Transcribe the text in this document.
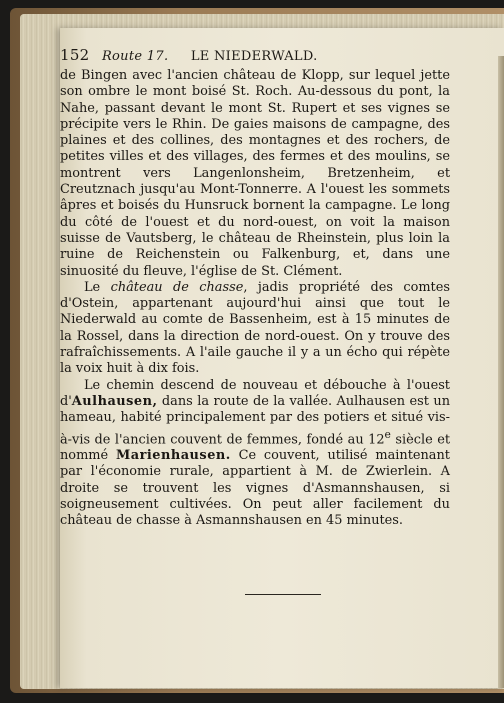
152 Route 17. LE NIEDERWALD.

de Bingen avec l'ancien château de Klopp, sur lequel jette son ombre le mont boisé St. Roch. Au-dessous du pont, la Nahe, passant devant le mont St. Rupert et ses vignes se précipite vers le Rhin. De gaies maisons de campagne, des plaines et des collines, des montagnes et des rochers, de petites villes et des villages, des fermes et des moulins, se montrent vers Langenlonsheim, Bretzenheim, et Creutznach jusqu'au Mont-Tonnerre. A l'ouest les sommets âpres et boisés du Hunsruck bornent la campagne. Le long du côté de l'ouest et du nord-ouest, on voit la maison suisse de Vautsberg, le château de Rheinstein, plus loin la ruine de Reichenstein ou Falkenburg, et, dans une sinuosité du fleuve, l'église de St. Clément.

Le château de chasse, jadis propriété des comtes d'Ostein, appartenant aujourd'hui ainsi que tout le Niederwald au comte de Bassenheim, est à 15 minutes de la Rossel, dans la direction de nord-ouest. On y trouve des rafraîchissements. A l'aile gauche il y a un écho qui répète la voix huit à dix fois.

Le chemin descend de nouveau et débouche à l'ouest d'Aulhausen, dans la route de la vallée. Aulhausen est un hameau, habité principalement par des potiers et situé vis-à-vis de l'ancien couvent de femmes, fondé au 12e siècle et nommé Marienhausen. Ce couvent, utilisé maintenant par l'économie rurale, appartient à M. de Zwierlein. A droite se trouvent les vignes d'Asmannshausen, si soigneusement cultivées. On peut aller facilement du château de chasse à Asmannshausen en 45 minutes.
